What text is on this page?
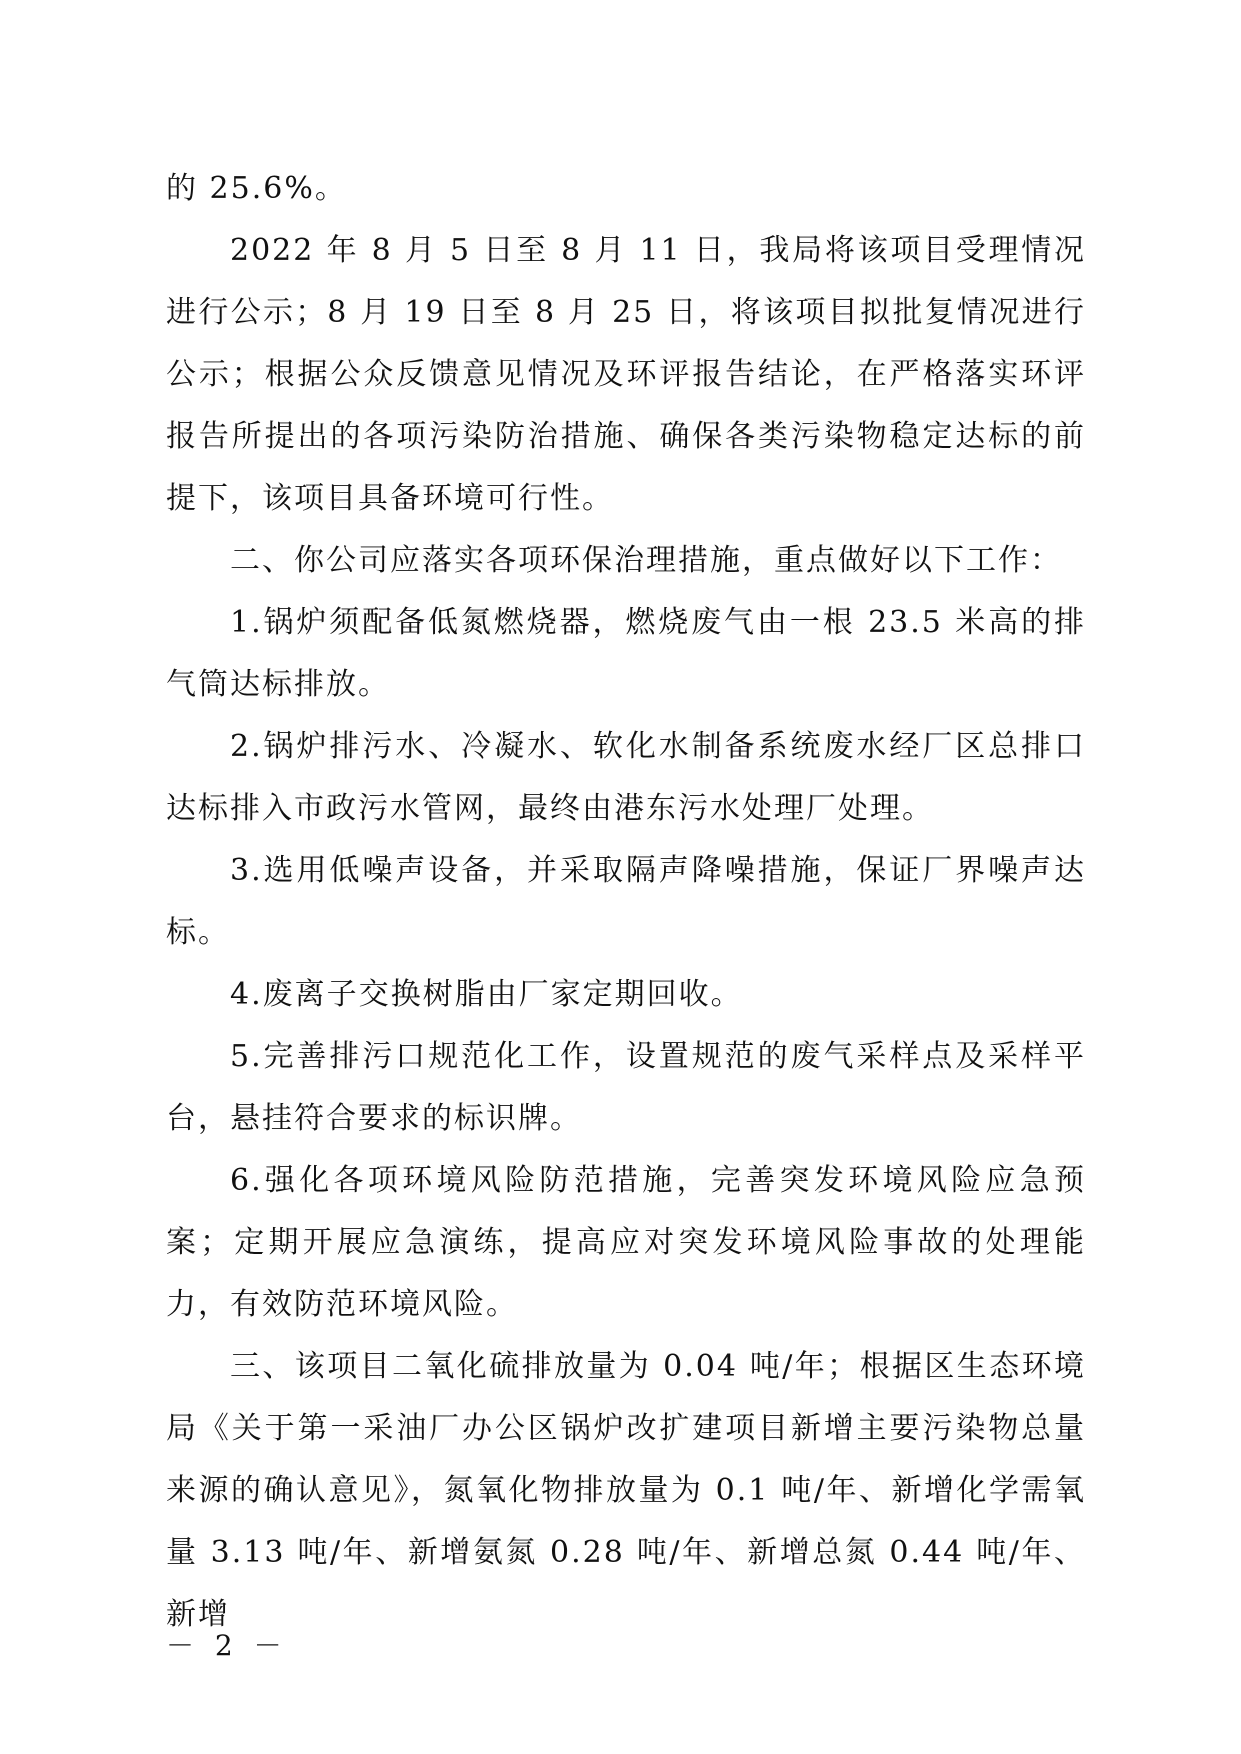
的 25.6%。

2022 年 8 月 5 日至 8 月 11 日，我局将该项目受理情况进行公示；8 月 19 日至 8 月 25 日，将该项目拟批复情况进行公示；根据公众反馈意见情况及环评报告结论，在严格落实环评报告所提出的各项污染防治措施、确保各类污染物稳定达标的前提下，该项目具备环境可行性。

二、你公司应落实各项环保治理措施，重点做好以下工作：

1.锅炉须配备低氮燃烧器，燃烧废气由一根 23.5 米高的排气筒达标排放。

2.锅炉排污水、冷凝水、软化水制备系统废水经厂区总排口达标排入市政污水管网，最终由港东污水处理厂处理。

3.选用低噪声设备，并采取隔声降噪措施，保证厂界噪声达标。

4.废离子交换树脂由厂家定期回收。

5.完善排污口规范化工作，设置规范的废气采样点及采样平台，悬挂符合要求的标识牌。

6.强化各项环境风险防范措施，完善突发环境风险应急预案；定期开展应急演练，提高应对突发环境风险事故的处理能力，有效防范环境风险。

三、该项目二氧化硫排放量为 0.04 吨/年；根据区生态环境局《关于第一采油厂办公区锅炉改扩建项目新增主要污染物总量来源的确认意见》，氮氧化物排放量为 0.1 吨/年、新增化学需氧量 3.13 吨/年、新增氨氮 0.28 吨/年、新增总氮 0.44 吨/年、新增

－ 2 －
